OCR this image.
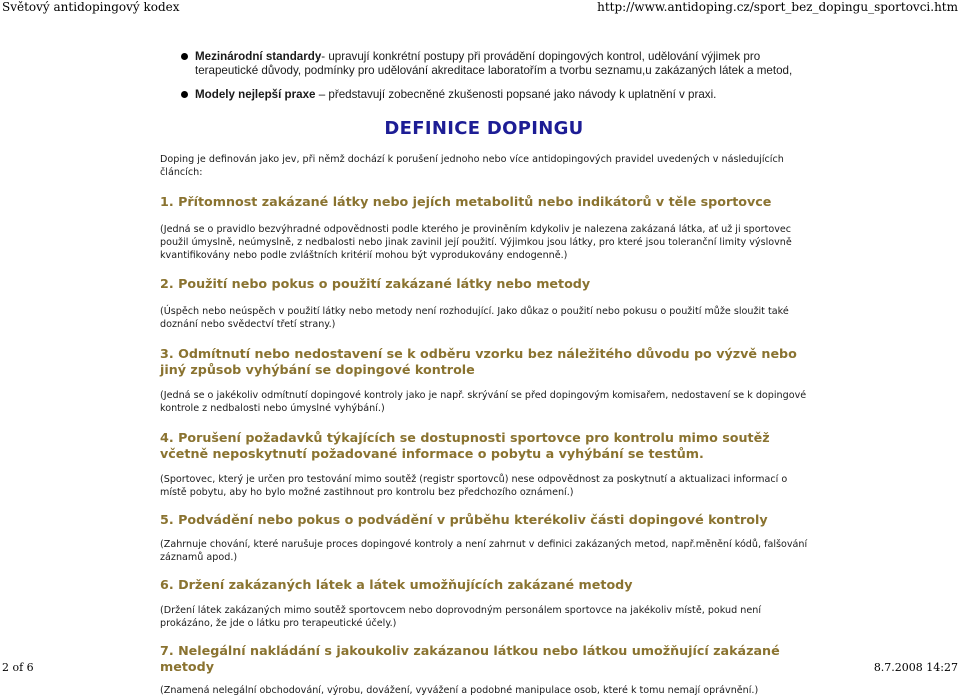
Světový antidopingový kodex	http://www.antidoping.cz/sport_bez_dopingu_sportovci.htm
Mezinárodní standardy- upravují konkrétní postupy při provádění dopingových kontrol, udělování výjimek pro terapeutické důvody, podmínky pro udělování akreditace laboratořím a tvorbu seznamu,u zakázaných látek a metod,
Modely nejlepší praxe – představují zobecněné zkušenosti popsané jako návody k uplatnění v praxi.
DEFINICE DOPINGU
Doping je definován jako jev, při němž dochází k porušení jednoho nebo více antidopingových pravidel uvedených v následujících článcích:
1. Přítomnost zakázané látky nebo jejích metabolitů nebo indikátorů v těle sportovce
(Jedná se o pravidlo bezvýhradné odpovědnosti podle kterého je proviněním kdykoliv je nalezena zakázaná látka, ať už ji sportovec použil úmyslně, neúmyslně, z nedbalosti nebo jinak zavinil její použití. Výjimkou jsou látky, pro které jsou toleranční limity výslovně kvantifikovány nebo podle zvláštních kritérií mohou být vyprodukovány endogenně.)
2. Použití nebo pokus o použití zakázané látky nebo metody
(Úspěch nebo neúspěch v použití látky nebo metody není rozhodující. Jako důkaz o použití nebo pokusu o použití může sloužit také doznání nebo svědectví třetí strany.)
3. Odmítnutí nebo nedostavení se k odběru vzorku bez náležitého důvodu po výzvě nebo jiný způsob vyhýbání se dopingové kontrole
(Jedná se o jakékoliv odmítnutí dopingové kontroly jako je např. skrývání se před dopingovým komisařem, nedostavení se k dopingové kontrole z nedbalosti nebo úmyslné vyhýbání.)
4. Porušení požadavků týkajících se dostupnosti sportovce pro kontrolu mimo soutěž včetně neposkytnutí požadované informace o pobytu a vyhýbání se testům.
(Sportovec, který je určen pro testování mimo soutěž (registr sportovců) nese odpovědnost za poskytnutí a aktualizaci informací o místě pobytu, aby ho bylo možné zastihnout pro kontrolu bez předchozího oznámení.)
5. Podvádění nebo pokus o podvádění v průběhu kterékoliv části dopingové kontroly
(Zahrnuje chování, které narušuje proces dopingové kontroly a není zahrnut v definici zakázaných metod, např.měnění kódů, falšování záznamů apod.)
6. Držení zakázaných látek a látek umožňujících zakázané metody
(Držení látek zakázaných mimo soutěž sportovcem nebo doprovodným personálem sportovce na jakékoliv místě, pokud není prokázáno, že jde o látku pro terapeutické účely.)
7. Nelegální nakládání s jakoukoliv zakázanou látkou nebo látkou umožňující zakázané metody
(Znamená nelegální obchodování, výrobu, dovážení, vyvážení a podobné manipulace osob, které k tomu nemají oprávnění.)
2 of 6	8.7.2008 14:27
